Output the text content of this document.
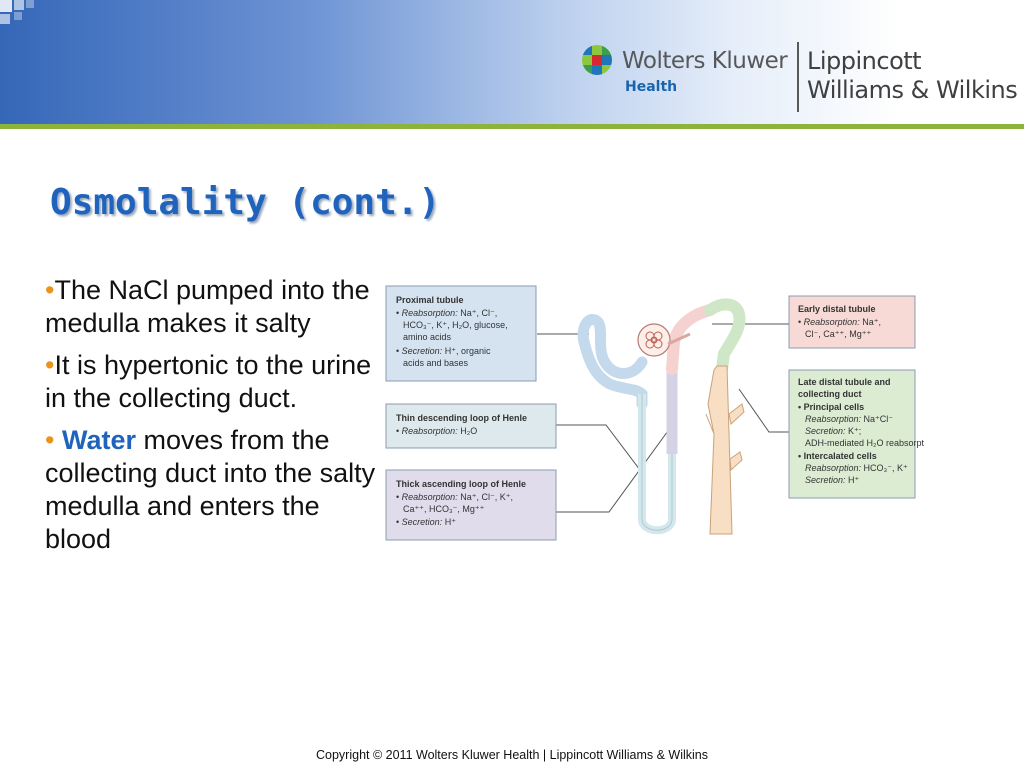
Wolters Kluwer
Health
Lippincott
Williams & Wilkins
Osmolality (cont.)
•The NaCl pumped into the medulla makes it salty
•It is hypertonic to the urine in the collecting duct.
• Water moves from the collecting duct into the salty medulla and enters the blood
Proximal tubule
• Reabsorption: Na⁺, Cl⁻,
HCO₃⁻, K⁺, H₂O, glucose,
amino acids
• Secretion: H⁺, organic
acids and bases
Thin descending loop of Henle
• Reabsorption: H₂O
Thick ascending loop of Henle
• Reabsorption: Na⁺, Cl⁻, K⁺,
Ca⁺⁺, HCO₃⁻, Mg⁺⁺
• Secretion: H⁺
Early distal tubule
• Reabsorption: Na⁺,
Cl⁻, Ca⁺⁺, Mg⁺⁺
Late distal tubule and
collecting duct
• Principal cells
Reabsorption: Na⁺Cl⁻
Secretion: K⁺;
ADH-mediated H₂O reabsorption
• Intercalated cells
Reabsorption: HCO₃⁻, K⁺
Secretion: H⁺
Copyright © 2011 Wolters Kluwer Health | Lippincott Williams & Wilkins
